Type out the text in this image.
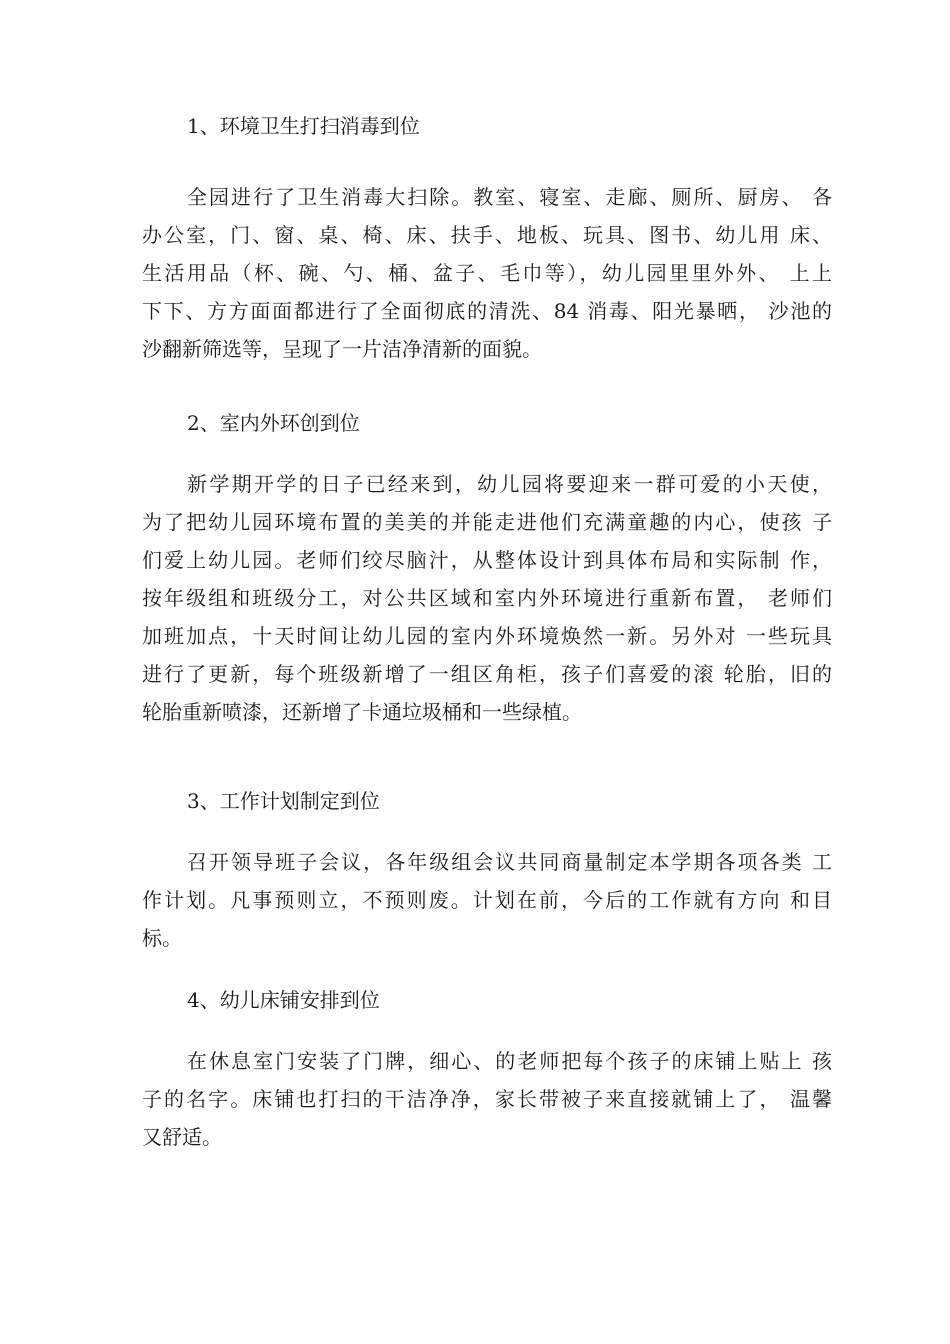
1、环境卫生打扫消毒到位
全园进行了卫生消毒大扫除。教室、寝室、走廊、厕所、厨房、 各
办公室，门、窗、桌、椅、床、扶手、地板、玩具、图书、幼儿用 床、
生活用品（杯、碗、勺、桶、盆子、毛巾等），幼儿园里里外外、 上上
下下、方方面面都进行了全面彻底的清洗、84 消毒、阳光暴晒， 沙池的
沙翻新筛选等，呈现了一片洁净清新的面貌。
2、室内外环创到位
新学期开学的日子已经来到，幼儿园将要迎来一群可爱的小天使，
为了把幼儿园环境布置的美美的并能走进他们充满童趣的内心，使孩 子
们爱上幼儿园。老师们绞尽脑汁，从整体设计到具体布局和实际制 作，
按年级组和班级分工，对公共区域和室内外环境进行重新布置， 老师们
加班加点，十天时间让幼儿园的室内外环境焕然一新。另外对 一些玩具
进行了更新，每个班级新增了一组区角柜，孩子们喜爱的滚 轮胎，旧的
轮胎重新喷漆，还新增了卡通垃圾桶和一些绿植。
3、工作计划制定到位
召开领导班子会议，各年级组会议共同商量制定本学期各项各类 工
作计划。凡事预则立，不预则废。计划在前，今后的工作就有方向 和目
标。
4、幼儿床铺安排到位
在休息室门安装了门牌，细心、的老师把每个孩子的床铺上贴上 孩
子的名字。床铺也打扫的干洁净净，家长带被子来直接就铺上了， 温馨
又舒适。
